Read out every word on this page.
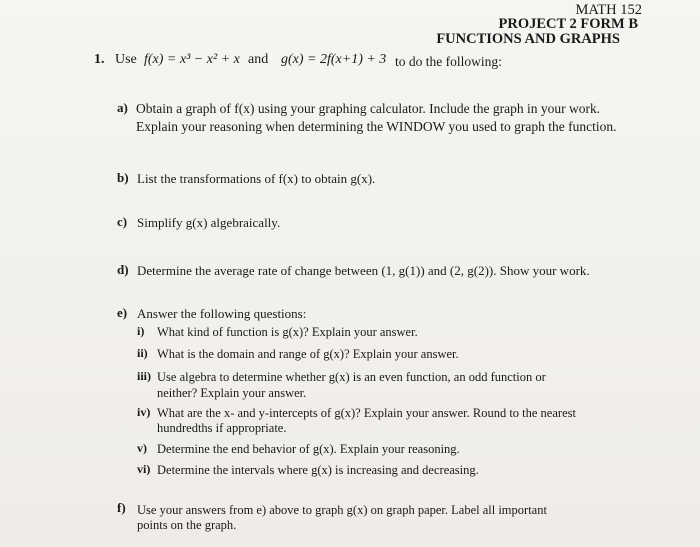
MATH 152
PROJECT 2 FORM B
FUNCTIONS AND GRAPHS
1. Use f(x) = x³ − x² + x and g(x) = 2f(x+1) + 3 to do the following:
a) Obtain a graph of f(x) using your graphing calculator. Include the graph in your work.
Explain your reasoning when determining the WINDOW you used to graph the function.
b) List the transformations of f(x) to obtain g(x).
c) Simplify g(x) algebraically.
d) Determine the average rate of change between (1, g(1)) and (2, g(2)). Show your work.
e) Answer the following questions:
i) What kind of function is g(x)? Explain your answer.
ii) What is the domain and range of g(x)? Explain your answer.
iii) Use algebra to determine whether g(x) is an even function, an odd function or
neither? Explain your answer.
iv) What are the x- and y-intercepts of g(x)? Explain your answer. Round to the nearest
hundredths if appropriate.
v) Determine the end behavior of g(x). Explain your reasoning.
vi) Determine the intervals where g(x) is increasing and decreasing.
f) Use your answers from e) above to graph g(x) on graph paper. Label all important
points on the graph.
